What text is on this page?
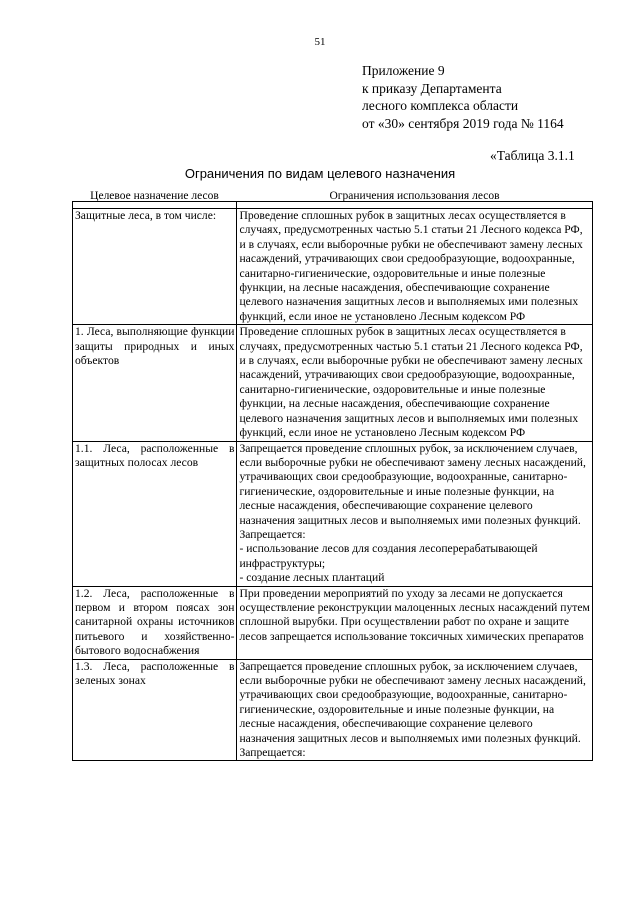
51
Приложение 9
к приказу Департамента
лесного комплекса области
от «30» сентября 2019 года № 1164
«Таблица 3.1.1
Ограничения по видам целевого назначения
Целевое назначение лесов	Ограничения использования лесов

Защитные леса, в том числе:	Проведение сплошных рубок в защитных лесах осуществляется в случаях, предусмотренных частью 5.1 статьи 21 Лесного кодекса РФ, и в случаях, если выборочные рубки не обеспечивают замену лесных насаждений, утрачивающих свои средообразующие, водоохранные, санитарно-гигиенические, оздоровительные и иные полезные функции, на лесные насаждения, обеспечивающие сохранение целевого назначения защитных лесов и выполняемых ими полезных функций, если иное не установлено Лесным кодексом РФ
1. Леса, выполняющие функции защиты природных и иных объектов	Проведение сплошных рубок в защитных лесах осуществляется в случаях, предусмотренных частью 5.1 статьи 21 Лесного кодекса РФ, и в случаях, если выборочные рубки не обеспечивают замену лесных насаждений, утрачивающих свои средообразующие, водоохранные, санитарно-гигиенические, оздоровительные и иные полезные функции, на лесные насаждения, обеспечивающие сохранение целевого назначения защитных лесов и выполняемых ими полезных функций, если иное не установлено Лесным кодексом РФ
1.1. Леса, расположенные в защитных полосах лесов	Запрещается проведение сплошных рубок, за исключением случаев, если выборочные рубки не обеспечивают замену лесных насаждений, утрачивающих свои средообразующие, водоохранные, санитарно-гигиенические, оздоровительные и иные полезные функции, на лесные насаждения, обеспечивающие сохранение целевого назначения защитных лесов и выполняемых ими полезных функций.
Запрещается:
- использование лесов для создания лесоперерабатывающей инфраструктуры;
- создание лесных плантаций

1.2. Леса, расположенные в первом и втором поясах зон санитарной охраны источников питьевого и хозяйственно-бытового водоснабжения	При проведении мероприятий по уходу за лесами не допускается осуществление реконструкции малоценных лесных насаждений путем сплошной вырубки. При осуществлении работ по охране и защите лесов запрещается использование токсичных химических препаратов
1.3. Леса, расположенные в зеленых зонах	Запрещается проведение сплошных рубок, за исключением случаев, если выборочные рубки не обеспечивают замену лесных насаждений, утрачивающих свои средообразующие, водоохранные, санитарно-гигиенические, оздоровительные и иные полезные функции, на лесные насаждения, обеспечивающие сохранение целевого назначения защитных лесов и выполняемых ими полезных функций.
Запрещается:
